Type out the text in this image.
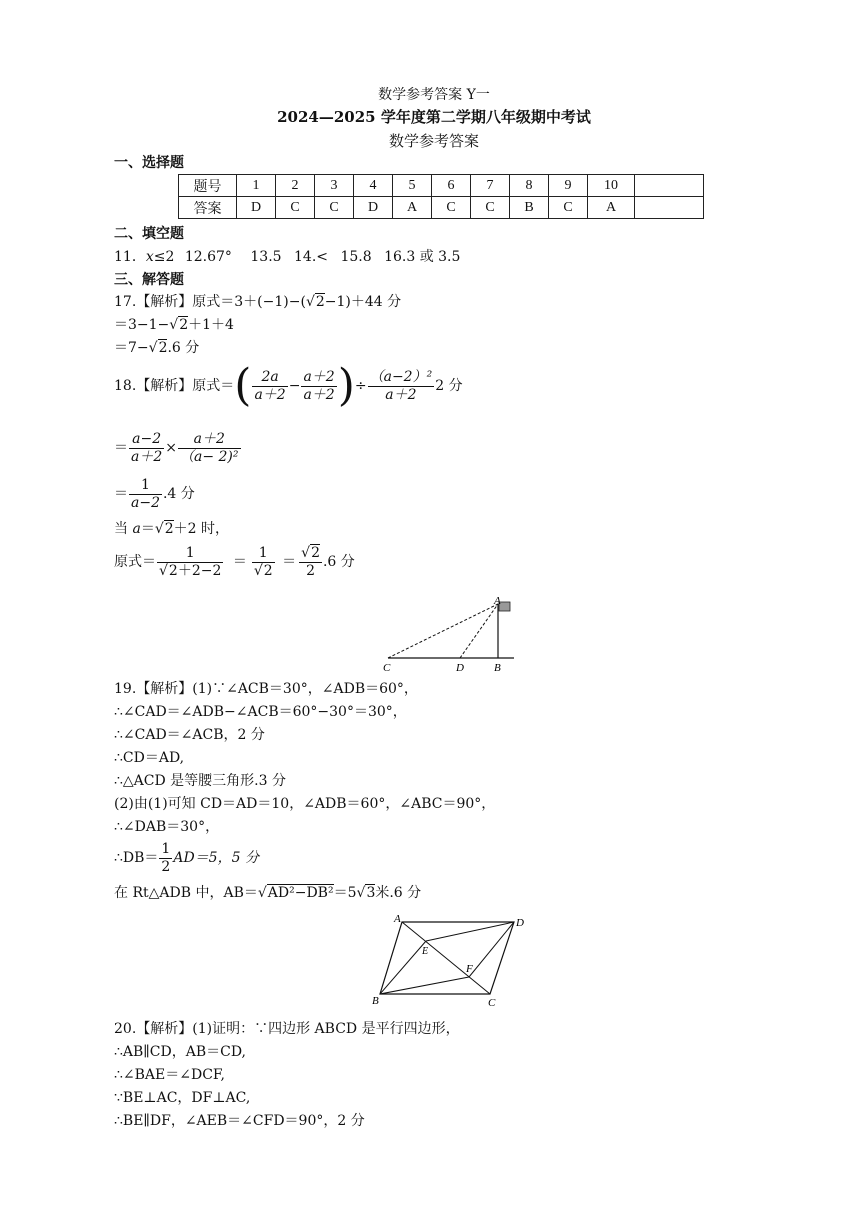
数学参考答案 Y一
2024—2025 学年度第二学期八年级期中考试
数学参考答案
一、选择题
题号	1	2	3	4	5	6	7	8	9	10	
答案	D	C	C	D	A	C	C	B	C	A	
二、填空题
11．x≤2 12.67° 13.5 14.< 15.8 16.3 或 3.5
三、解答题
17.【解析】原式＝3＋(−1)−(√2−1)＋44 分
＝3−1−√2＋1＋4
＝7−√2.6 分
18.【解析】原式＝( $\frac{2a}{a+2} - \frac{a+2}{a+2}$ )÷ $\frac{\text{（a−2）²}}{a+2} 2$ 分
＝ $\frac{a-2}{a+2} \times \frac{a+2}{\text{（a− 2)²}}$
＝ $\frac{1}{a-2} .4$ 分
当 a＝√2＋2 时，
原式＝ $\frac{1}{√2+2-2} = \frac{1}{√2} = \frac{√2}{2} .6$ 分
A
B
C	D
19.【解析】(1)∵∠ACB＝30°，∠ADB＝60°，
∴∠CAD＝∠ADB−∠ACB＝60°−30°＝30°，
∴∠CAD＝∠ACB，2 分
∴CD＝AD,
∴△ACD 是等腰三角形.3 分
(2)由(1)可知 CD＝AD＝10，∠ADB＝60°，∠ABC＝90°，
∴∠DAB＝30°，
∴DB＝ $\frac{1}{2} AD=5$，5 分
在 Rt△ADB 中，AB＝√AD²−DB²＝5√3米.6 分
A
B	C
D
E
F
20.【解析】(1)证明：∵四边形 ABCD 是平行四边形，
∴AB∥CD，AB＝CD,
∴∠BAE＝∠DCF,
∵BE⊥AC，DF⊥AC,
∴BE∥DF，∠AEB＝∠CFD＝90°，2 分
